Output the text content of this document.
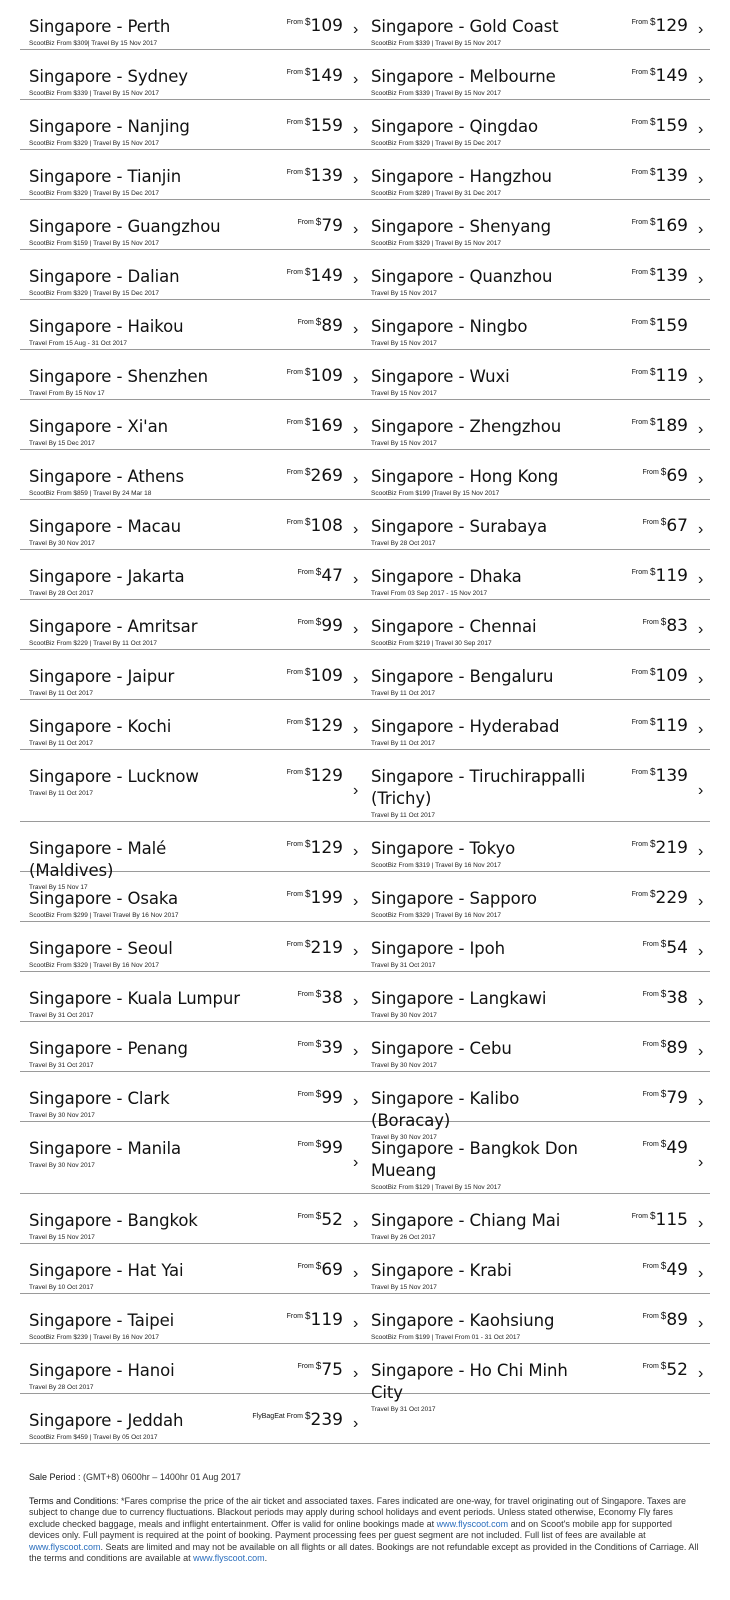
Singapore - Perth
ScootBiz From $309| Travel By 15 Nov 2017
From $ 109 › Singapore - Gold Coast
ScootBiz From $339 | Travel By 15 Nov 2017
From $ 129 ›
Singapore - Sydney
ScootBiz From $339 | Travel By 15 Nov 2017
From $ 149 › Singapore - Melbourne
ScootBiz From $339 | Travel By 15 Nov 2017
From $ 149 ›
Singapore - Nanjing
ScootBiz From $329 | Travel By 15 Nov 2017
From $ 159 › Singapore - Qingdao
ScootBiz From $329 | Travel By 15 Dec 2017
From $ 159 ›
Singapore - Tianjin
ScootBiz From $329 | Travel By 15 Dec 2017
From $ 139 › Singapore - Hangzhou
ScootBiz From $289 | Travel By 31 Dec 2017
From $ 139 ›
Singapore - Guangzhou
ScootBiz From $159 | Travel By 15 Nov 2017
From $ 79 › Singapore - Shenyang
ScootBiz From $329 | Travel By 15 Nov 2017
From $ 169 ›
Singapore - Dalian
ScootBiz From $329 | Travel By 15 Dec 2017
From $ 149 › Singapore - Quanzhou
Travel By 15 Nov 2017
From $ 139 ›
Singapore - Haikou
Travel From 15 Aug - 31 Oct 2017
From $ 89 › Singapore - Ningbo
Travel By 15 Nov 2017
From $ 159
Singapore - Shenzhen
Travel From By 15 Nov 17
From $ 109 › Singapore - Wuxi
Travel By 15 Nov 2017
From $ 119 ›
Singapore - Xi'an
Travel By 15 Dec 2017
From $ 169 › Singapore - Zhengzhou
Travel By 15 Nov 2017
From $ 189 ›
Singapore - Athens
ScootBiz From $859 | Travel By 24 Mar 18
From $ 269 › Singapore - Hong Kong
ScootBiz From $199 |Travel By 15 Nov 2017
From $ 69 ›
Singapore - Macau
Travel By 30 Nov 2017
From $ 108 › Singapore - Surabaya
Travel By 28 Oct 2017
From $ 67 ›
Singapore - Jakarta
Travel By 28 Oct 2017
From $ 47 › Singapore - Dhaka
Travel From 03 Sep 2017 - 15 Nov 2017
From $ 119 ›
Singapore - Amritsar
ScootBiz From $229 | Travel By 11 Oct 2017
From $ 99 › Singapore - Chennai
ScootBiz From $219 | Travel 30 Sep 2017
From $ 83 ›
Singapore - Jaipur
Travel By 11 Oct 2017
From $ 109 › Singapore - Bengaluru
Travel By 11 Oct 2017
From $ 109 ›
Singapore - Kochi
Travel By 11 Oct 2017
From $ 129 › Singapore - Hyderabad
Travel By 11 Oct 2017
From $ 119 ›
Singapore - Lucknow
Travel By 11 Oct 2017
From $ 129
›
Singapore - Tiruchirappalli (Trichy)
Travel By 11 Oct 2017
From $ 139
›
Singapore - Malé (Maldives)
Travel By 15 Nov 17
From $ 129 › Singapore - Tokyo
ScootBiz From $319 | Travel By 16 Nov 2017
From $ 219 ›
Singapore - Osaka
ScootBiz From $299 | Travel Travel By 16 Nov 2017
From $ 199 › Singapore - Sapporo
ScootBiz From $329 | Travel By 16 Nov 2017
From $ 229 ›
Singapore - Seoul
ScootBiz From $329 | Travel By 16 Nov 2017
From $ 219 › Singapore - Ipoh
Travel By 31 Oct 2017
From $ 54 ›
Singapore - Kuala Lumpur
Travel By 31 Oct 2017
From $ 38 › Singapore - Langkawi
Travel By 30 Nov 2017
From $ 38 ›
Singapore - Penang
Travel By 31 Oct 2017
From $ 39 › Singapore - Cebu
Travel By 30 Nov 2017
From $ 89 ›
Singapore - Clark
Travel By 30 Nov 2017
From $ 99 › Singapore - Kalibo (Boracay)
Travel By 30 Nov 2017
From $ 79 ›
Singapore - Manila
Travel By 30 Nov 2017
From $ 99
›
Singapore - Bangkok Don Mueang
ScootBiz From $129 | Travel By 15 Nov 2017
From $ 49
›
Singapore - Bangkok
Travel By 15 Nov 2017
From $ 52 › Singapore - Chiang Mai
Travel By 26 Oct 2017
From $ 115 ›
Singapore - Hat Yai
Travel By 10 Oct 2017
From $ 69 › Singapore - Krabi
Travel By 15 Nov 2017
From $ 49 ›
Singapore - Taipei
ScootBiz From $239 | Travel By 16 Nov 2017
From $ 119 › Singapore - Kaohsiung
ScootBiz From $199 | Travel From 01 - 31 Oct 2017
From $ 89 ›
Singapore - Hanoi
Travel By 28 Oct 2017
From $ 75 › Singapore - Ho Chi Minh City
Travel By 31 Oct 2017
From $ 52 ›
Singapore - Jeddah
ScootBiz From $459 | Travel By 05 Oct 2017
FlyBagEat From $ 239 ›
Sale Period : (GMT+8) 0600hr – 1400hr 01 Aug 2017
Terms and Conditions: *Fares comprise the price of the air ticket and associated taxes. Fares indicated are one-way, for travel originating out of Singapore. Taxes are subject to change due to currency fluctuations. Blackout periods may apply during school holidays and event periods. Unless stated otherwise, Economy Fly fares exclude checked baggage, meals and inflight entertainment. Offer is valid for online bookings made at www.flyscoot.com and on Scoot's mobile app for supported devices only. Full payment is required at the point of booking. Payment processing fees per guest segment are not included. Full list of fees are available at www.flyscoot.com. Seats are limited and may not be available on all flights or all dates. Bookings are not refundable except as provided in the Conditions of Carriage. All the terms and conditions are available at www.flyscoot.com.
